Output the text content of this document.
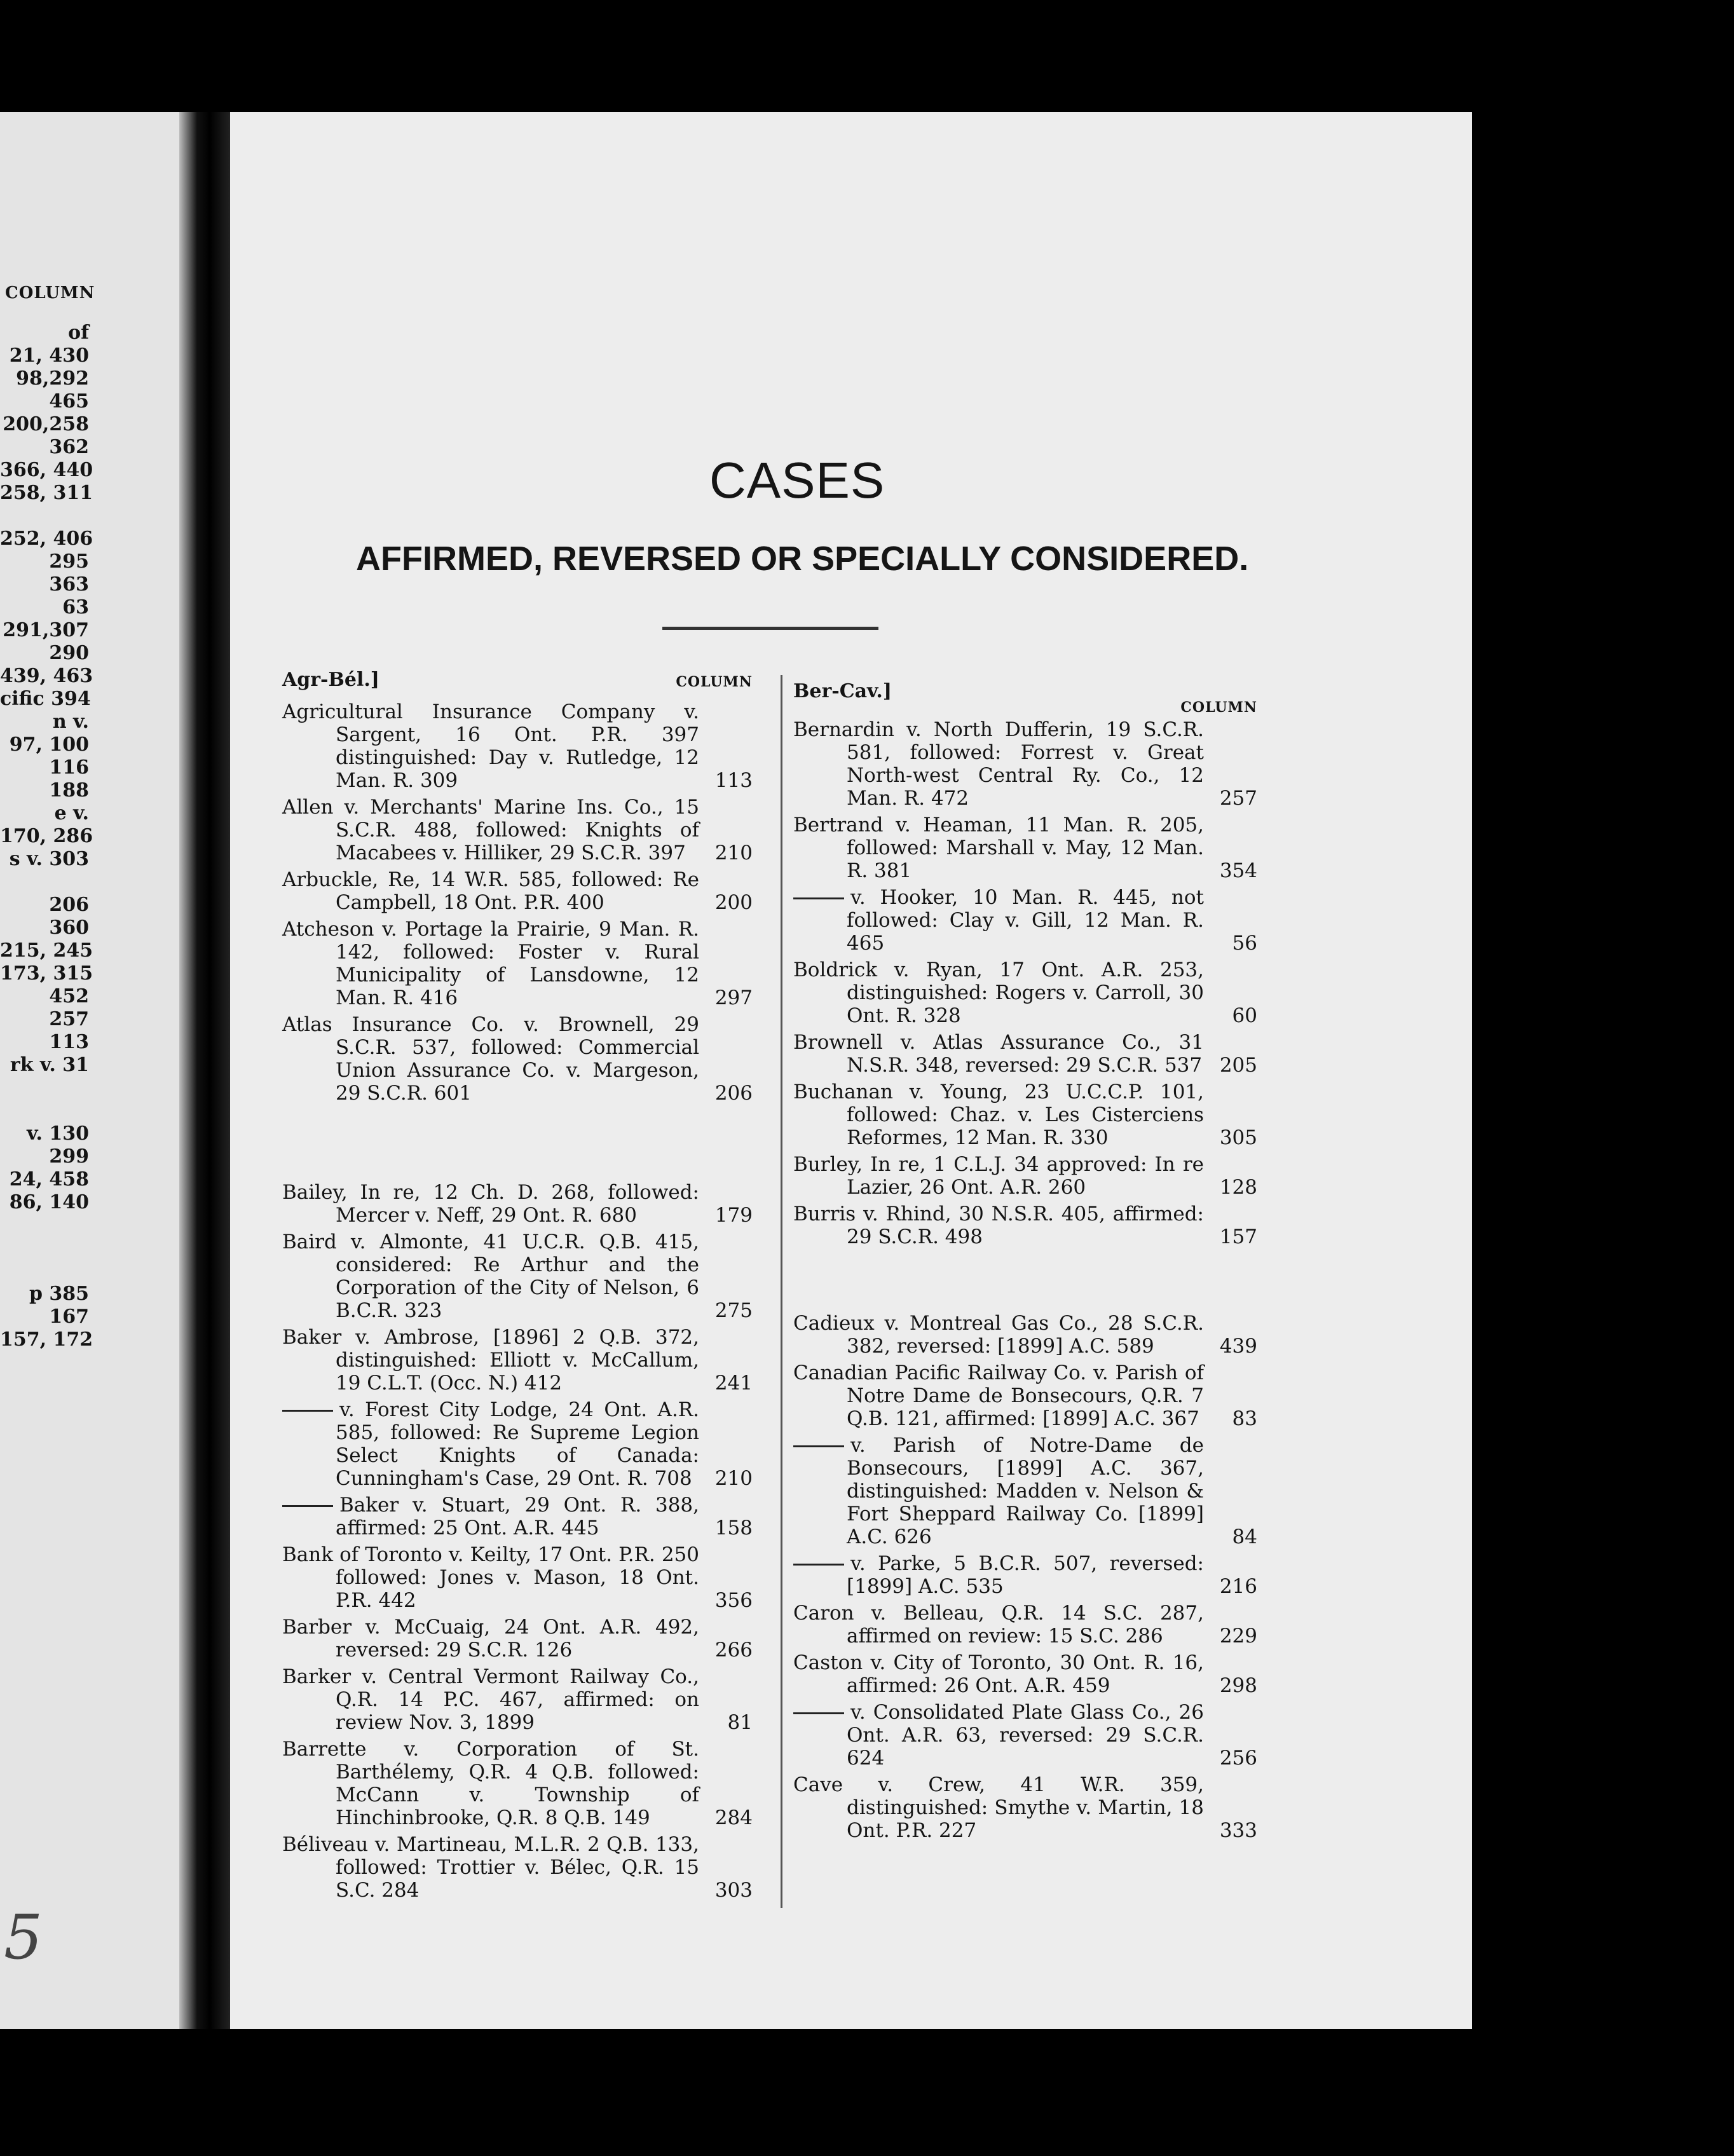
COLUMN
of
21, 430
98,292
465
200,258
362
366, 440
258, 311
252, 406
295
363
63
291,307
290
439, 463
cific 394
n v.
97, 100
116
188
e v.
170, 286
s v. 303
206
360
215, 245
173, 315
452
257
113
rk v. 31
v. 130
299
24, 458
86, 140
p 385
167
157, 172
5
CASES
AFFIRMED, REVERSED OR SPECIALLY CONSIDERED.
Agr-Bél.]	COLUMN
Agricultural Insurance Company v. Sargent, 16 Ont. P.R. 397 distinguished: Day v. Rutledge, 12 Man. R. 309	113
Allen v. Merchants' Marine Ins. Co., 15 S.C.R. 488, followed: Knights of Macabees v. Hilliker, 29 S.C.R. 397	210
Arbuckle, Re, 14 W.R. 585, followed: Re Campbell, 18 Ont. P.R. 400	200
Atcheson v. Portage la Prairie, 9 Man. R. 142, followed: Foster v. Rural Municipality of Lansdowne, 12 Man. R. 416	297
Atlas Insurance Co. v. Brownell, 29 S.C.R. 537, followed: Commercial Union Assurance Co. v. Margeson, 29 S.C.R. 601	206
Bailey, In re, 12 Ch. D. 268, followed: Mercer v. Neff, 29 Ont. R. 680	179
Baird v. Almonte, 41 U.C.R. Q.B. 415, considered: Re Arthur and the Corporation of the City of Nelson, 6 B.C.R. 323	275
Baker v. Ambrose, [1896] 2 Q.B. 372, distinguished: Elliott v. McCallum, 19 C.L.T. (Occ. N.) 412	241
v. Forest City Lodge, 24 Ont. A.R. 585, followed: Re Supreme Legion Select Knights of Canada: Cunningham's Case, 29 Ont. R. 708	210
Baker v. Stuart, 29 Ont. R. 388, affirmed: 25 Ont. A.R. 445	158
Bank of Toronto v. Keilty, 17 Ont. P.R. 250 followed: Jones v. Mason, 18 Ont. P.R. 442	356
Barber v. McCuaig, 24 Ont. A.R. 492, reversed: 29 S.C.R. 126	266
Barker v. Central Vermont Railway Co., Q.R. 14 P.C. 467, affirmed: on review Nov. 3, 1899	81
Barrette v. Corporation of St. Barthélemy, Q.R. 4 Q.B. followed: McCann v. Township of Hinchinbrooke, Q.R. 8 Q.B. 149	284
Béliveau v. Martineau, M.L.R. 2 Q.B. 133, followed: Trottier v. Bélec, Q.R. 15 S.C. 284	303
Ber-Cav.]
COLUMN
Bernardin v. North Dufferin, 19 S.C.R. 581, followed: Forrest v. Great North-west Central Ry. Co., 12 Man. R. 472	257
Bertrand v. Heaman, 11 Man. R. 205, followed: Marshall v. May, 12 Man. R. 381	354
v. Hooker, 10 Man. R. 445, not followed: Clay v. Gill, 12 Man. R. 465	56
Boldrick v. Ryan, 17 Ont. A.R. 253, distinguished: Rogers v. Carroll, 30 Ont. R. 328	60
Brownell v. Atlas Assurance Co., 31 N.S.R. 348, reversed: 29 S.C.R. 537 205
Buchanan v. Young, 23 U.C.C.P. 101, followed: Chaz. v. Les Cisterciens Reformes, 12 Man. R. 330	305
Burley, In re, 1 C.L.J. 34 approved: In re Lazier, 26 Ont. A.R. 260	128
Burris v. Rhind, 30 N.S.R. 405, affirmed: 29 S.C.R. 498	157
Cadieux v. Montreal Gas Co., 28 S.C.R. 382, reversed: [1899] A.C. 589	439
Canadian Pacific Railway Co. v. Parish of Notre Dame de Bonsecours, Q.R. 7 Q.B. 121, affirmed: [1899] A.C. 367	83
v. Parish of Notre-Dame de Bonsecours, [1899] A.C. 367, distinguished: Madden v. Nelson & Fort Sheppard Railway Co. [1899] A.C. 626	84
v. Parke, 5 B.C.R. 507, reversed: [1899] A.C. 535	216
Caron v. Belleau, Q.R. 14 S.C. 287, affirmed on review: 15 S.C. 286	229
Caston v. City of Toronto, 30 Ont. R. 16, affirmed: 26 Ont. A.R. 459	298
v. Consolidated Plate Glass Co., 26 Ont. A.R. 63, reversed: 29 S.C.R. 624	256
Cave v. Crew, 41 W.R. 359, distinguished: Smythe v. Martin, 18 Ont. P.R. 227	333
